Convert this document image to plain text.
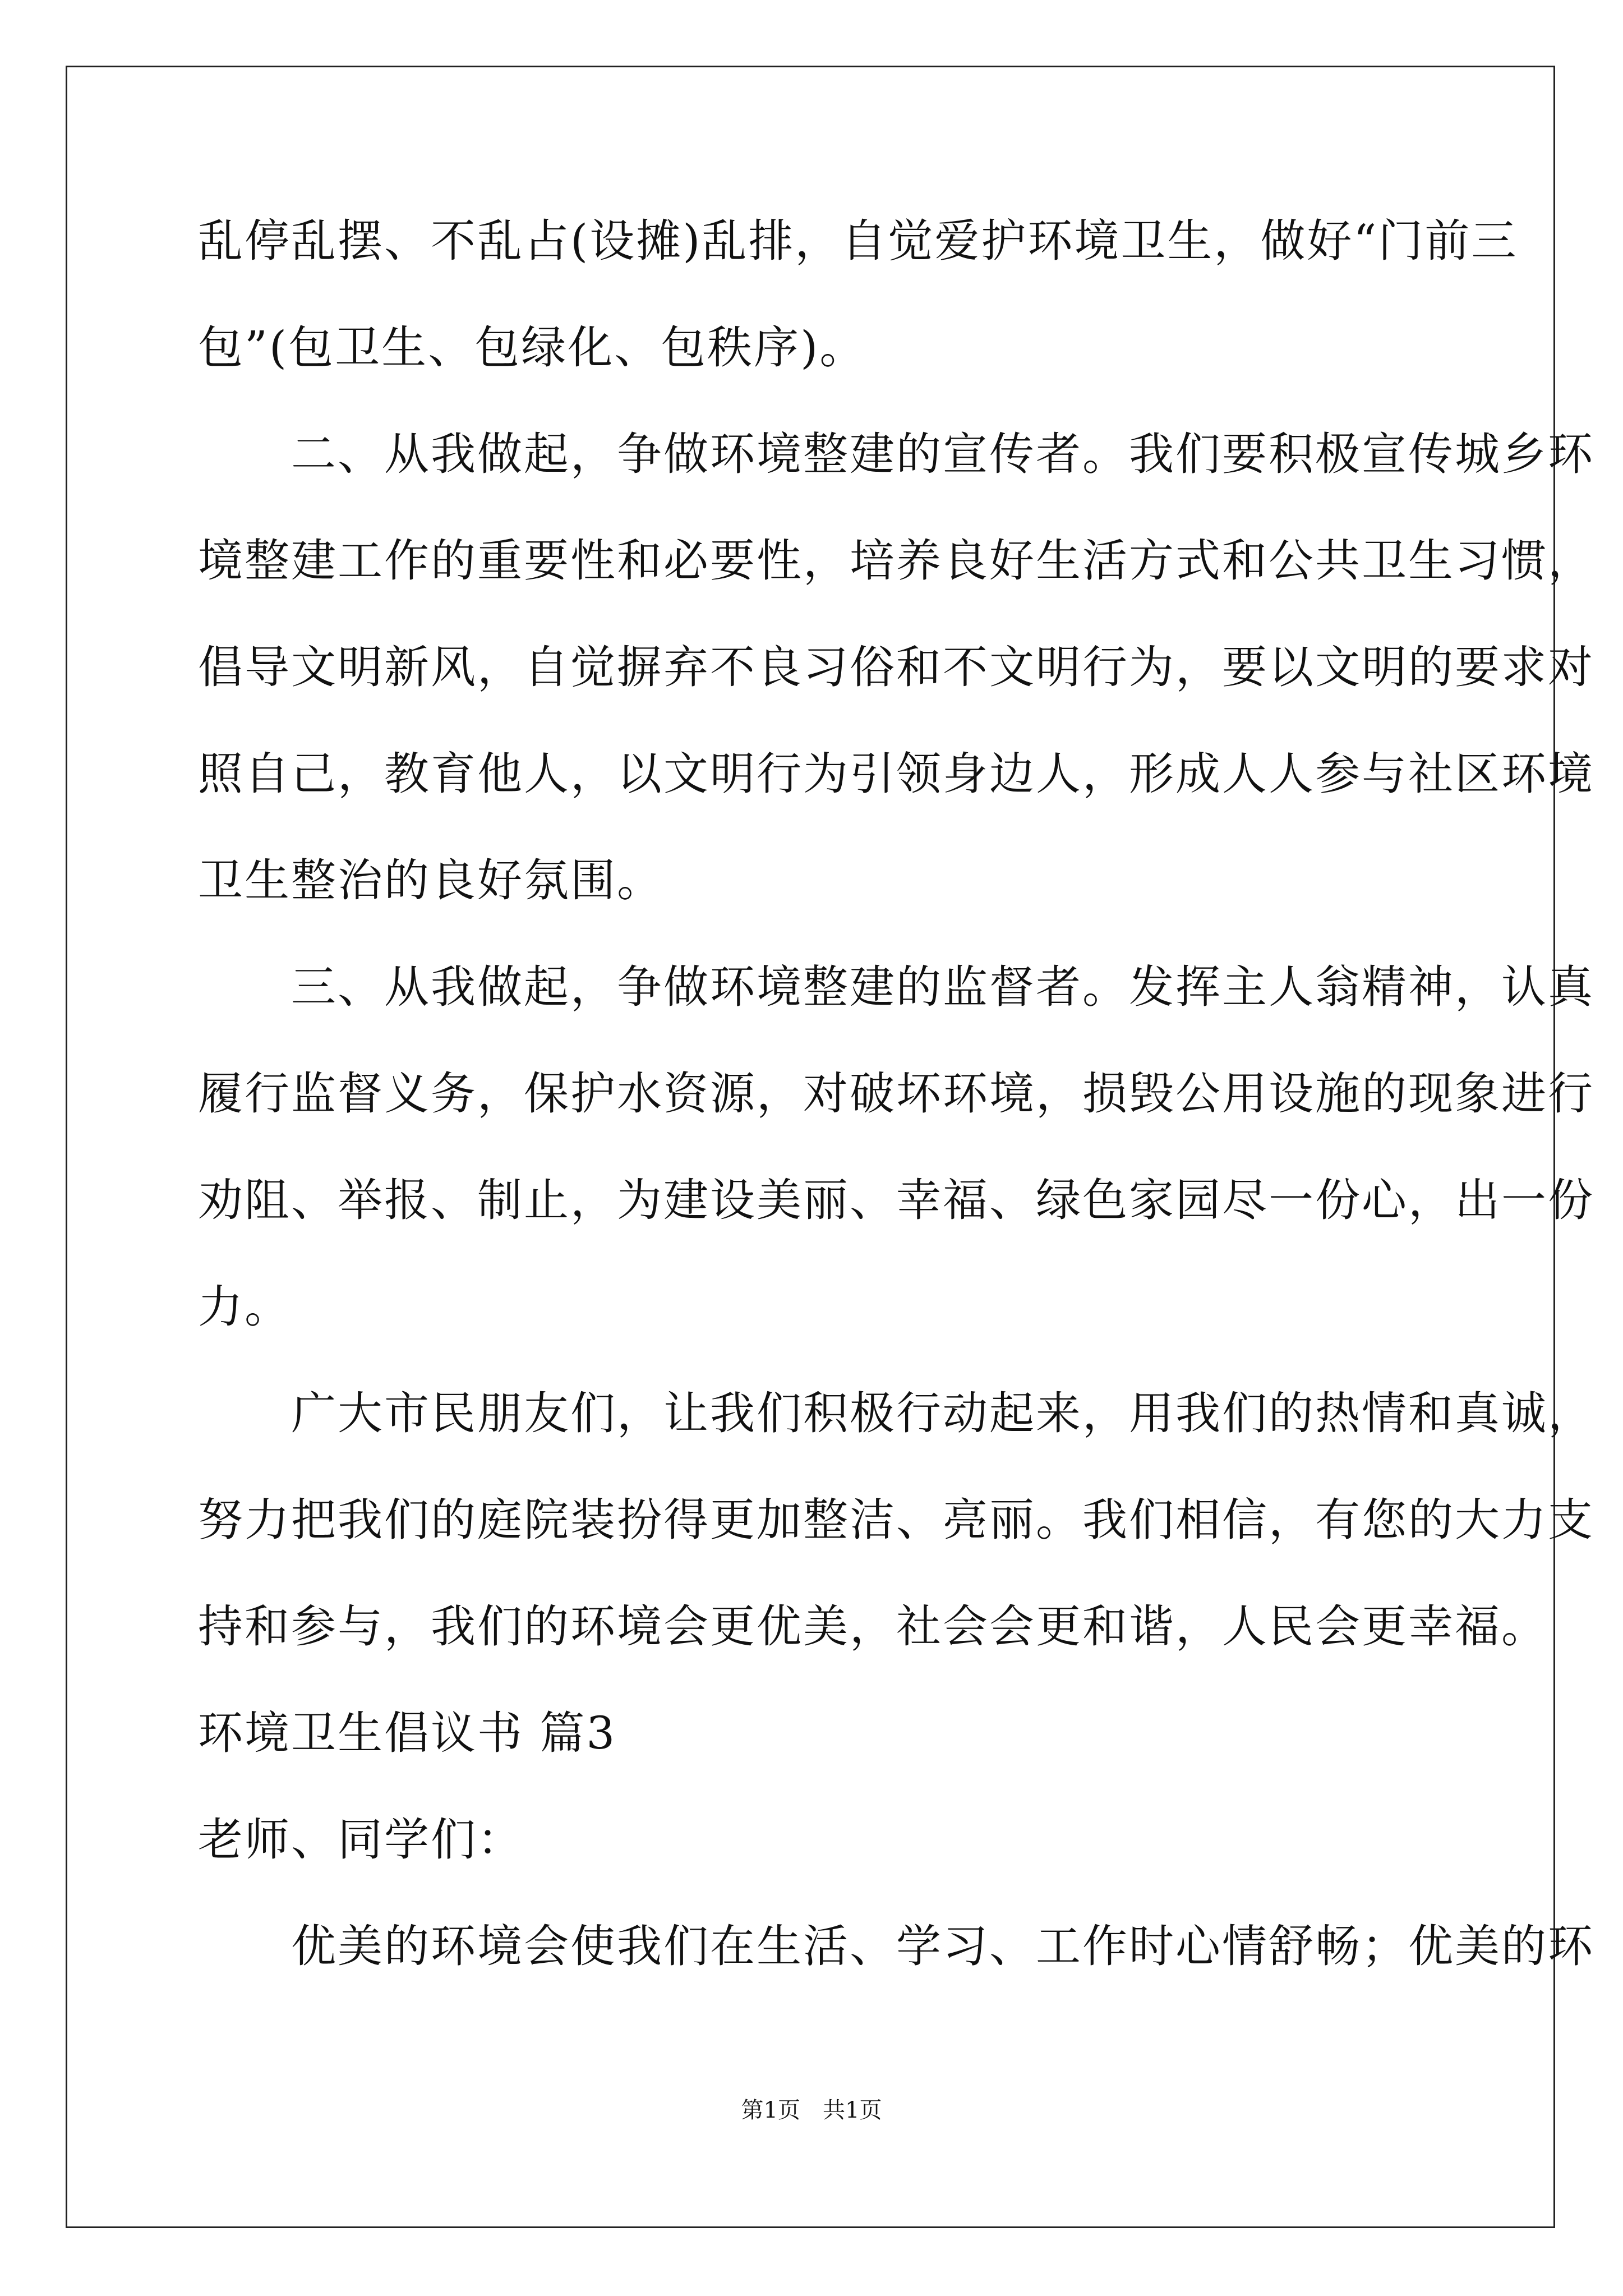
乱停乱摆、不乱占(设摊)乱排，自觉爱护环境卫生，做好“门前三
包”(包卫生、包绿化、包秩序)。
　　二、从我做起，争做环境整建的宣传者。我们要积极宣传城乡环
境整建工作的重要性和必要性，培养良好生活方式和公共卫生习惯，
倡导文明新风，自觉摒弃不良习俗和不文明行为，要以文明的要求对
照自己，教育他人，以文明行为引领身边人，形成人人参与社区环境
卫生整治的良好氛围。
　　三、从我做起，争做环境整建的监督者。发挥主人翁精神，认真
履行监督义务，保护水资源，对破坏环境，损毁公用设施的现象进行
劝阻、举报、制止，为建设美丽、幸福、绿色家园尽一份心，出一份
力。
　　广大市民朋友们，让我们积极行动起来，用我们的热情和真诚，
努力把我们的庭院装扮得更加整洁、亮丽。我们相信，有您的大力支
持和参与，我们的环境会更优美，社会会更和谐，人民会更幸福。
环境卫生倡议书 篇3
老师、同学们：
　　优美的环境会使我们在生活、学习、工作时心情舒畅；优美的环
第1页　共1页
